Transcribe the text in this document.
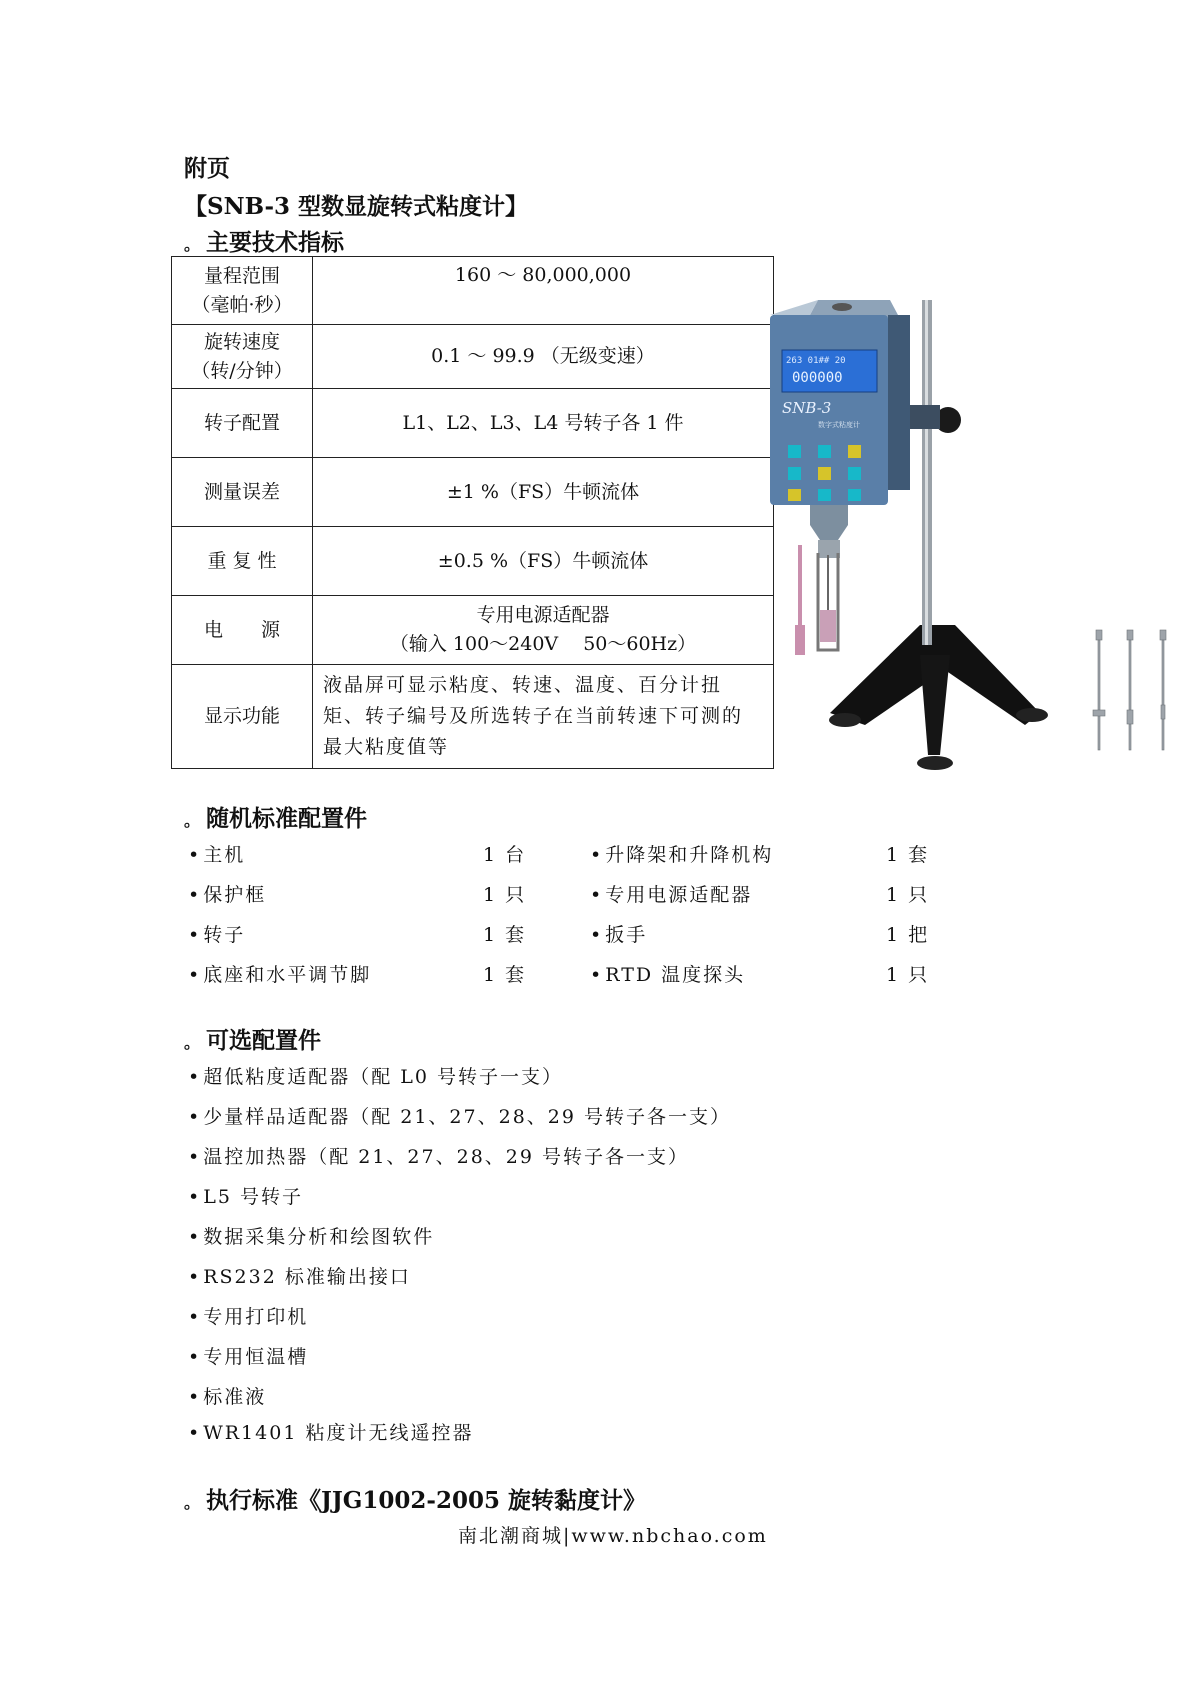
附页
【SNB-3 型数显旋转式粘度计】
。 主要技术指标
量程范围
（毫帕·秒）	160 ～ 80,000,000

旋转速度
（转/分钟）	0.1 ～ 99.9 （无级变速）

转子配置	L1、L2、L3、L4 号转子各 1 件
测量误差	±1 %（FS）牛顿流体
重 复 性	±0.5 %（FS）牛顿流体
电　　源	专用电源适配器
（输入 100～240V　 50～60Hz）

显示功能	液晶屏可显示粘度、转速、温度、百分计扭矩、转子编号及所选转子在当前转速下可测的最大粘度值等
263 01## 20
000000
SNB-3
数字式粘度计
。 随机标准配置件
• 主机	1 台	• 升降架和升降机构	1 套
• 保护框	1 只	• 专用电源适配器	1 只
• 转子	1 套	• 扳手	1 把
• 底座和水平调节脚	1 套	• RTD 温度探头	1 只
。 可选配置件
• 超低粘度适配器（配 L0 号转子一支）
• 少量样品适配器（配 21、27、28、29 号转子各一支）
• 温控加热器（配 21、27、28、29 号转子各一支）
• L5 号转子
• 数据采集分析和绘图软件
• RS232 标准输出接口
• 专用打印机
• 专用恒温槽
• 标准液
• WR1401 粘度计无线遥控器
。 执行标准《JJG1002-2005 旋转黏度计》
南北潮商城|www.nbchao.com
